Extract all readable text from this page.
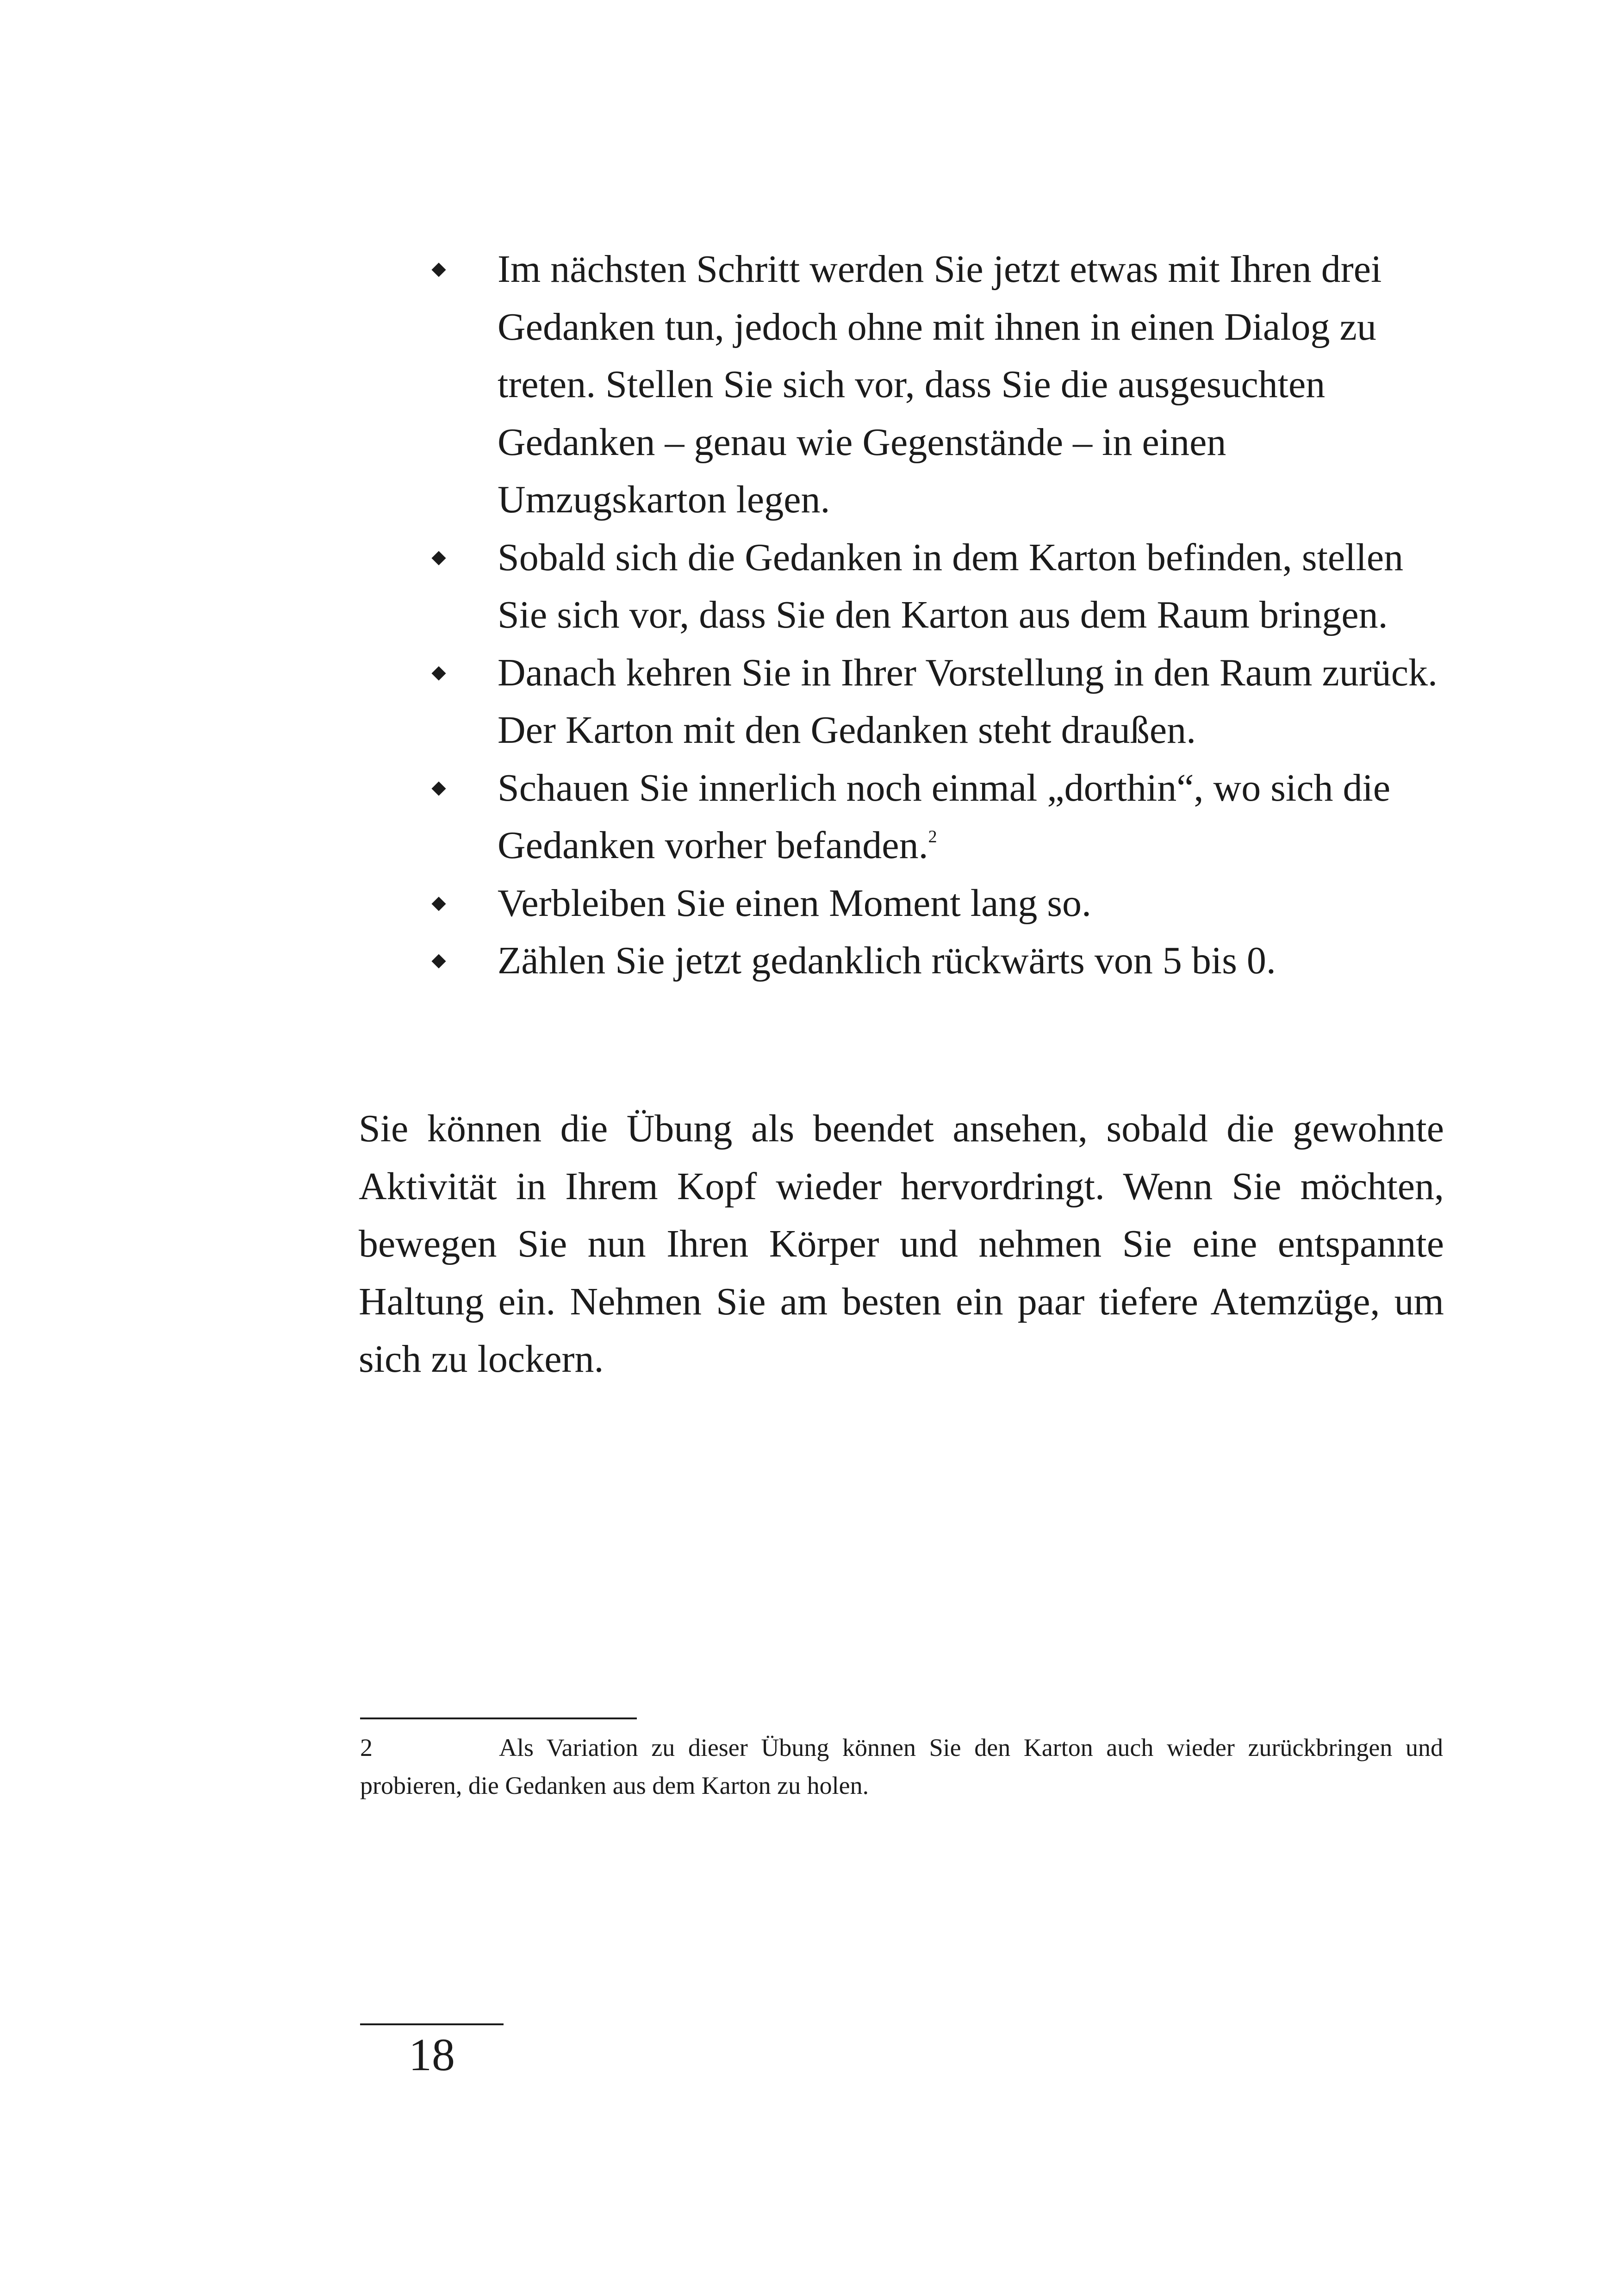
Im nächsten Schritt werden Sie jetzt etwas mit Ihren drei Gedanken tun, jedoch ohne mit ihnen in einen Dialog zu treten. Stellen Sie sich vor, dass Sie die ausgesuchten Gedanken – genau wie Gegenstände – in einen Umzugskarton legen.
Sobald sich die Gedanken in dem Karton befinden, stellen Sie sich vor, dass Sie den Karton aus dem Raum bringen.
Danach kehren Sie in Ihrer Vorstellung in den Raum zurück. Der Karton mit den Gedanken steht draußen.
Schauen Sie innerlich noch einmal „dorthin“, wo sich die Gedanken vorher befanden.$^2$
Verbleiben Sie einen Moment lang so.
Zählen Sie jetzt gedanklich rückwärts von 5 bis 0.

Sie können die Übung als beendet ansehen, sobald die gewohnte Aktivität in Ihrem Kopf wieder hervordringt. Wenn Sie möchten, bewegen Sie nun Ihren Körper und nehmen Sie eine entspannte Haltung ein. Nehmen Sie am besten ein paar tiefere Atemzüge, um sich zu lockern.

2	Als Variation zu dieser Übung können Sie den Karton auch wieder zurückbringen und probieren, die Gedanken aus dem Karton zu holen.

18
